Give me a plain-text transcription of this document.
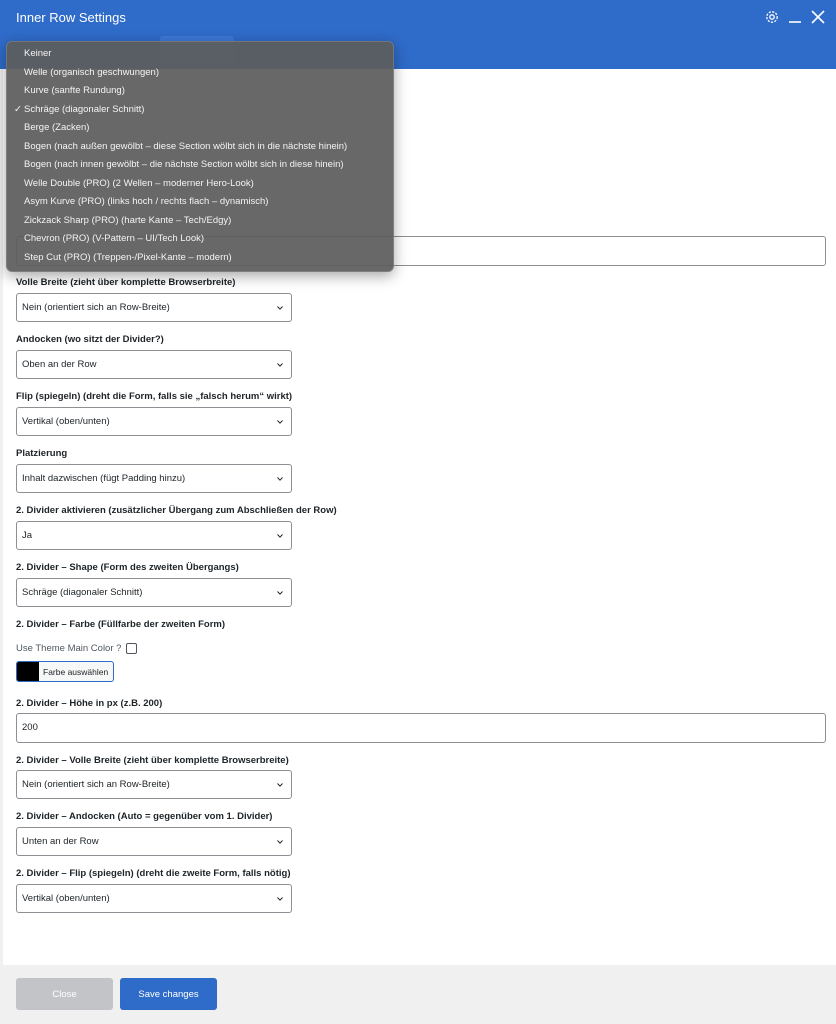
Inner Row Settings
Volle Breite (zieht über komplette Browserbreite)
Nein (orientiert sich an Row-Breite)
Andocken (wo sitzt der Divider?)
Oben an der Row
Flip (spiegeln) (dreht die Form, falls sie „falsch herum“ wirkt)
Vertikal (oben/unten)
Platzierung
Inhalt dazwischen (fügt Padding hinzu)
2. Divider aktivieren (zusätzlicher Übergang zum Abschließen der Row)
Ja
2. Divider – Shape (Form des zweiten Übergangs)
Schräge (diagonaler Schnitt)
2. Divider – Farbe (Füllfarbe der zweiten Form)
Use Theme Main Color ?
Farbe auswählen
2. Divider – Höhe in px (z.B. 200)
200
2. Divider – Volle Breite (zieht über komplette Browserbreite)
Nein (orientiert sich an Row-Breite)
2. Divider – Andocken (Auto = gegenüber vom 1. Divider)
Unten an der Row
2. Divider – Flip (spiegeln) (dreht die zweite Form, falls nötig)
Vertikal (oben/unten)
Close	Save changes
Keiner
Welle (organisch geschwungen)
Kurve (sanfte Rundung)
✓ Schräge (diagonaler Schnitt)
Berge (Zacken)
Bogen (nach außen gewölbt – diese Section wölbt sich in die nächste hinein)
Bogen (nach innen gewölbt – die nächste Section wölbt sich in diese hinein)
Welle Double (PRO) (2 Wellen – moderner Hero-Look)
Asym Kurve (PRO) (links hoch / rechts flach – dynamisch)
Zickzack Sharp (PRO) (harte Kante – Tech/Edgy)
Chevron (PRO) (V-Pattern – UI/Tech Look)
Step Cut (PRO) (Treppen-/Pixel-Kante – modern)
